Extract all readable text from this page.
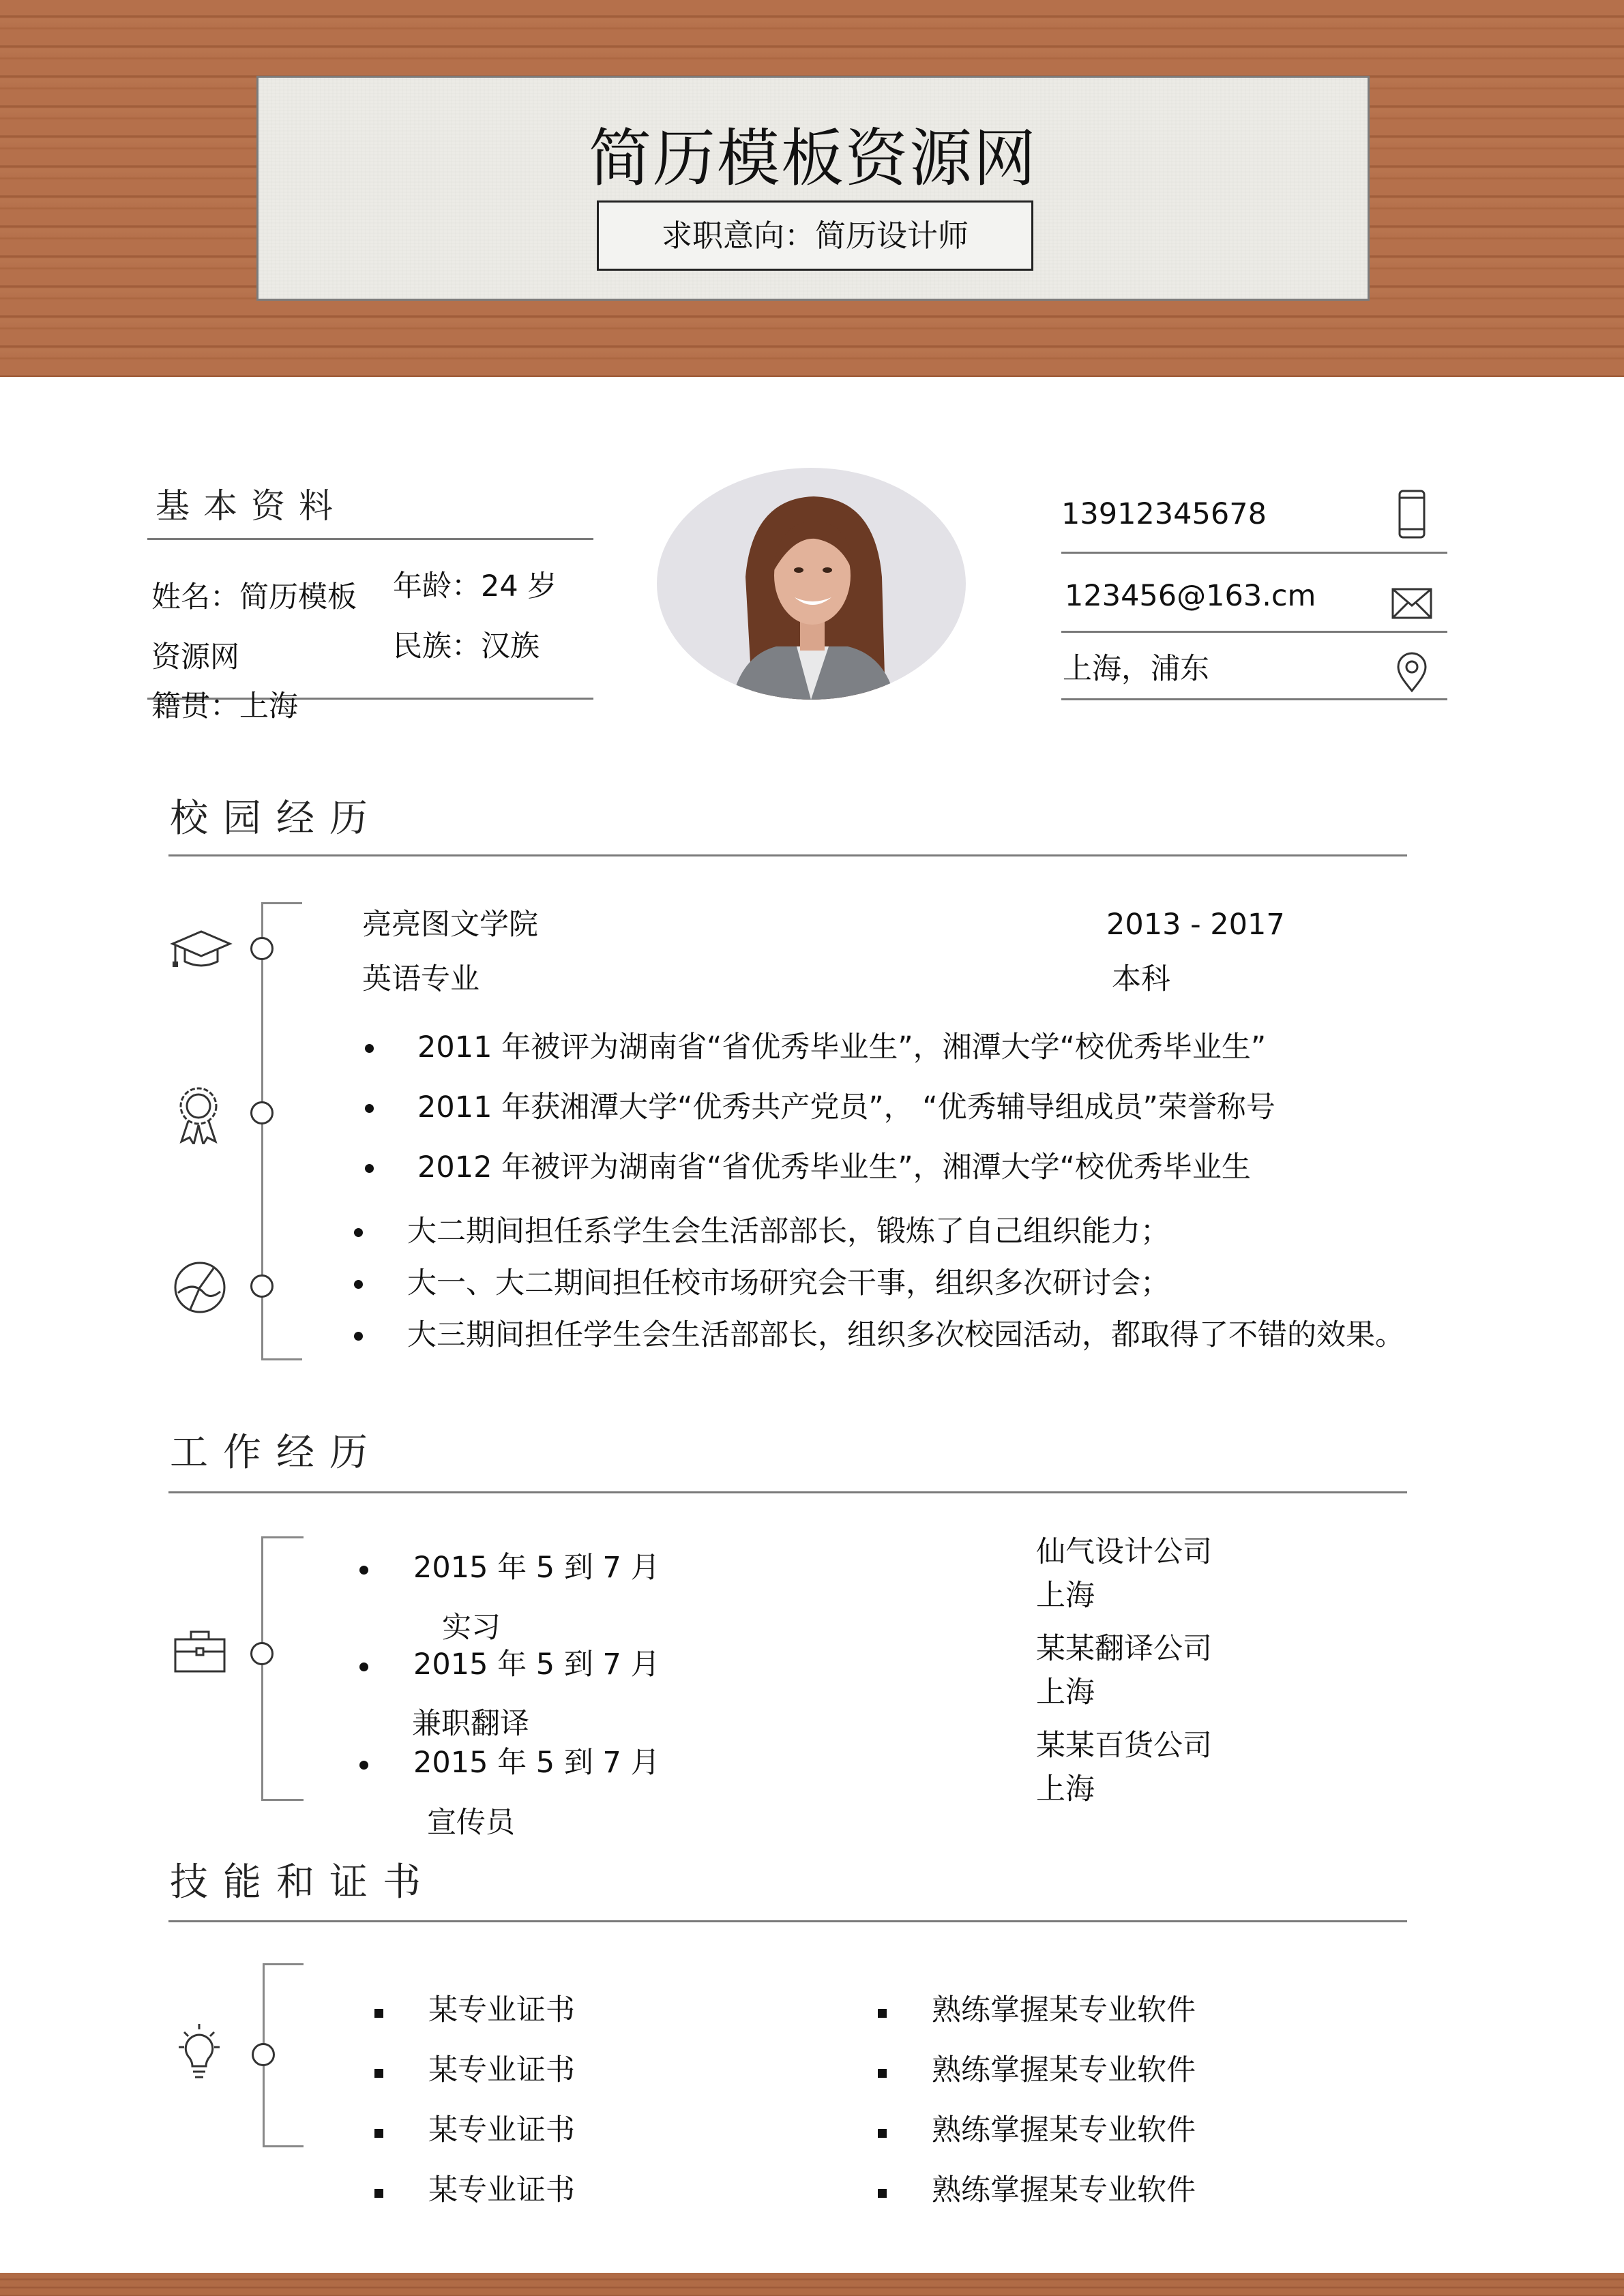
简历模板资源网
求职意向：简历设计师
基本资料
姓名：简历模板资源网
年龄：24 岁
民族：汉族
籍贯：上海
13912345678
123456@163.cm
上海，浦东
校园经历
亮亮图文学院	2013 - 2017
英语专业	本科
2011 年被评为湖南省“省优秀毕业生”，湘潭大学“校优秀毕业生”
2011 年获湘潭大学“优秀共产党员”， “优秀辅导组成员”荣誉称号
2012 年被评为湖南省“省优秀毕业生”，湘潭大学“校优秀毕业生
大二期间担任系学生会生活部部长，锻炼了自己组织能力；
大一、大二期间担任校市场研究会干事，组织多次研讨会；
大三期间担任学生会生活部部长，组织多次校园活动，都取得了不错的效果。
工作经历
2015 年 5 到 7 月
实习
仙气设计公司
上海
2015 年 5 到 7 月
兼职翻译
某某翻译公司
上海
2015 年 5 到 7 月
宣传员
某某百货公司
上海
技能和证书
某专业证书
某专业证书
某专业证书
某专业证书
熟练掌握某专业软件
熟练掌握某专业软件
熟练掌握某专业软件
熟练掌握某专业软件
